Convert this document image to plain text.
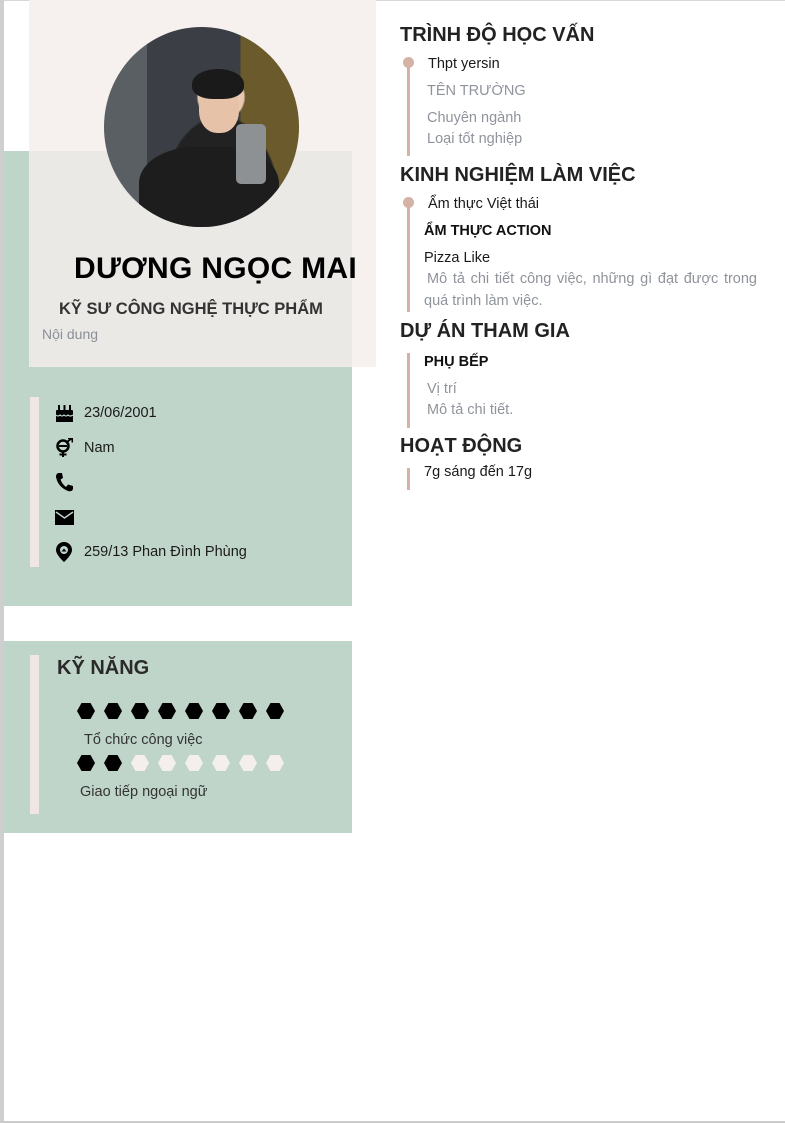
DƯƠNG NGỌC MAI
KỸ SƯ CÔNG NGHỆ THỰC PHẨM
Nội dung
23/06/2001
Nam
259/13 Phan Đình Phùng
KỸ NĂNG
Tổ chức công việc
Giao tiếp ngoại ngữ
TRÌNH ĐỘ HỌC VẤN
Thpt yersin
TÊN TRƯỜNG
Chuyên ngành
Loại tốt nghiệp
KINH NGHIỆM LÀM VIỆC
Ẩm thực Việt thái
ẨM THỰC ACTION
Pizza Like
Mô tả chi tiết công việc, những gì đạt được trong quá trình làm việc.
DỰ ÁN THAM GIA
PHỤ BẾP
Vị trí
Mô tả chi tiết.
HOẠT ĐỘNG
7g sáng đến 17g
